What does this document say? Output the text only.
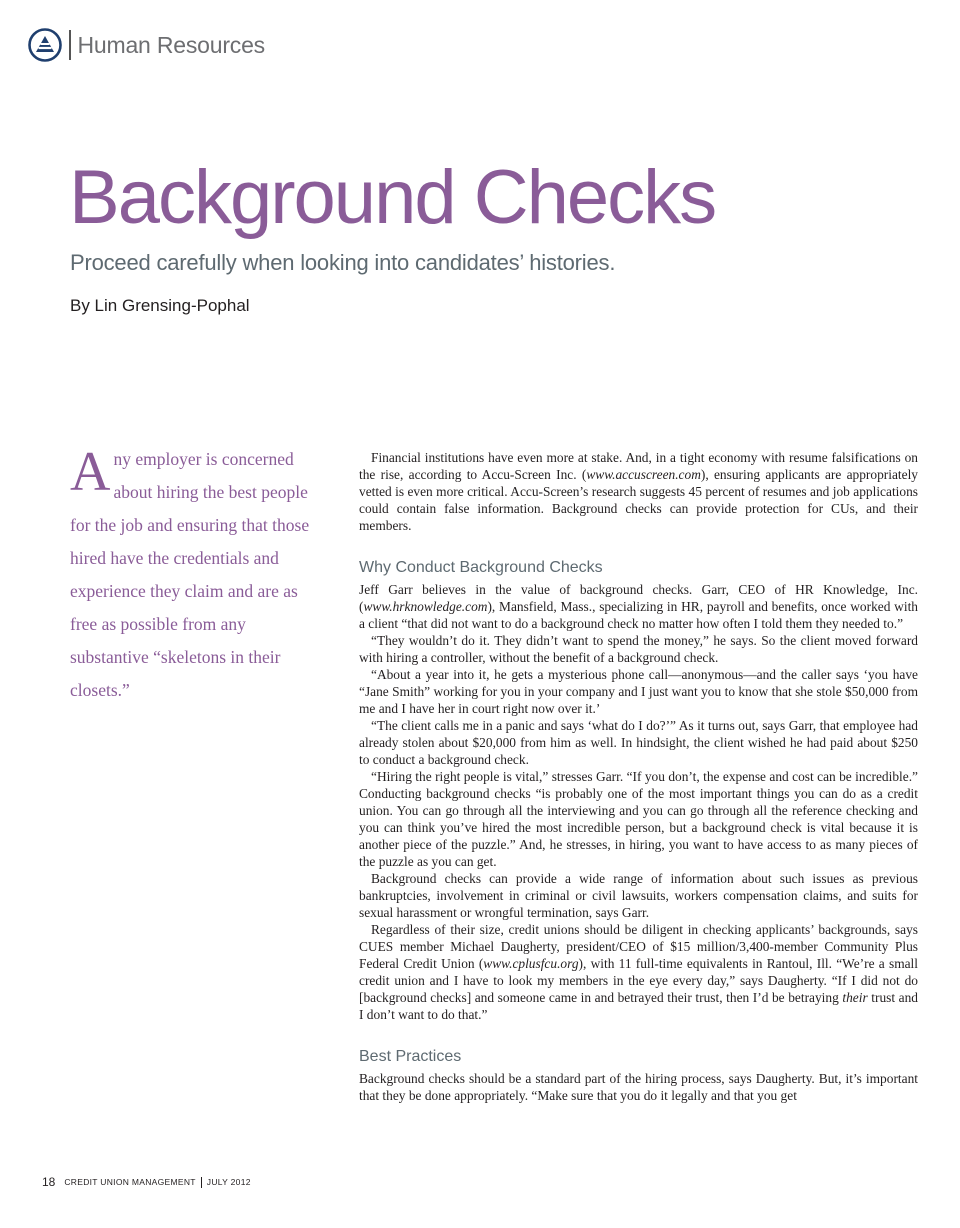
Human Resources
Background Checks
Proceed carefully when looking into candidates’ histories.

By Lin Grensing-Pophal

Any employer is concerned about hiring the best people for the job and ensuring that those hired have the credentials and experience they claim and are as free as possible from any substantive “skeletons in their closets.”

Financial institutions have even more at stake. And, in a tight economy with resume falsifications on the rise, according to Accu-Screen Inc. (www.accuscreen.com), ensuring applicants are appropriately vetted is even more critical. Accu-Screen’s research suggests 45 percent of resumes and job applications could contain false information. Background checks can provide protection for CUs, and their members.

Why Conduct Background Checks

Jeff Garr believes in the value of background checks. Garr, CEO of HR Knowledge, Inc. (www.hrknowledge.com), Mansfield, Mass., specializing in HR, payroll and benefits, once worked with a client “that did not want to do a background check no matter how often I told them they needed to.”

“They wouldn’t do it. They didn’t want to spend the money,” he says. So the client moved forward with hiring a controller, without the benefit of a background check.

“About a year into it, he gets a mysterious phone call—anonymous—and the caller says ‘you have “Jane Smith” working for you in your company and I just want you to know that she stole $50,000 from me and I have her in court right now over it.’

“The client calls me in a panic and says ‘what do I do?’” As it turns out, says Garr, that employee had already stolen about $20,000 from him as well. In hindsight, the client wished he had paid about $250 to conduct a background check.

“Hiring the right people is vital,” stresses Garr. “If you don’t, the expense and cost can be incredible.” Conducting background checks “is probably one of the most important things you can do as a credit union. You can go through all the interviewing and you can go through all the reference checking and you can think you’ve hired the most incredible person, but a background check is vital because it is another piece of the puzzle.” And, he stresses, in hiring, you want to have access to as many pieces of the puzzle as you can get.

Background checks can provide a wide range of information about such issues as previous bankruptcies, involvement in criminal or civil lawsuits, workers compensation claims, and suits for sexual harassment or wrongful termination, says Garr.

Regardless of their size, credit unions should be diligent in checking applicants’ backgrounds, says CUES member Michael Daugherty, president/CEO of $15 million/3,400-member Community Plus Federal Credit Union (www.cplusfcu.org), with 11 full-time equivalents in Rantoul, Ill. “We’re a small credit union and I have to look my members in the eye every day,” says Daugherty. “If I did not do [background checks] and someone came in and betrayed their trust, then I’d be betraying their trust and I don’t want to do that.”

Best Practices

Background checks should be a standard part of the hiring process, says Daugherty. But, it’s important that they be done appropriately. “Make sure that you do it legally and that you get

18 CREDIT UNION MANAGEMENT JULY 2012
